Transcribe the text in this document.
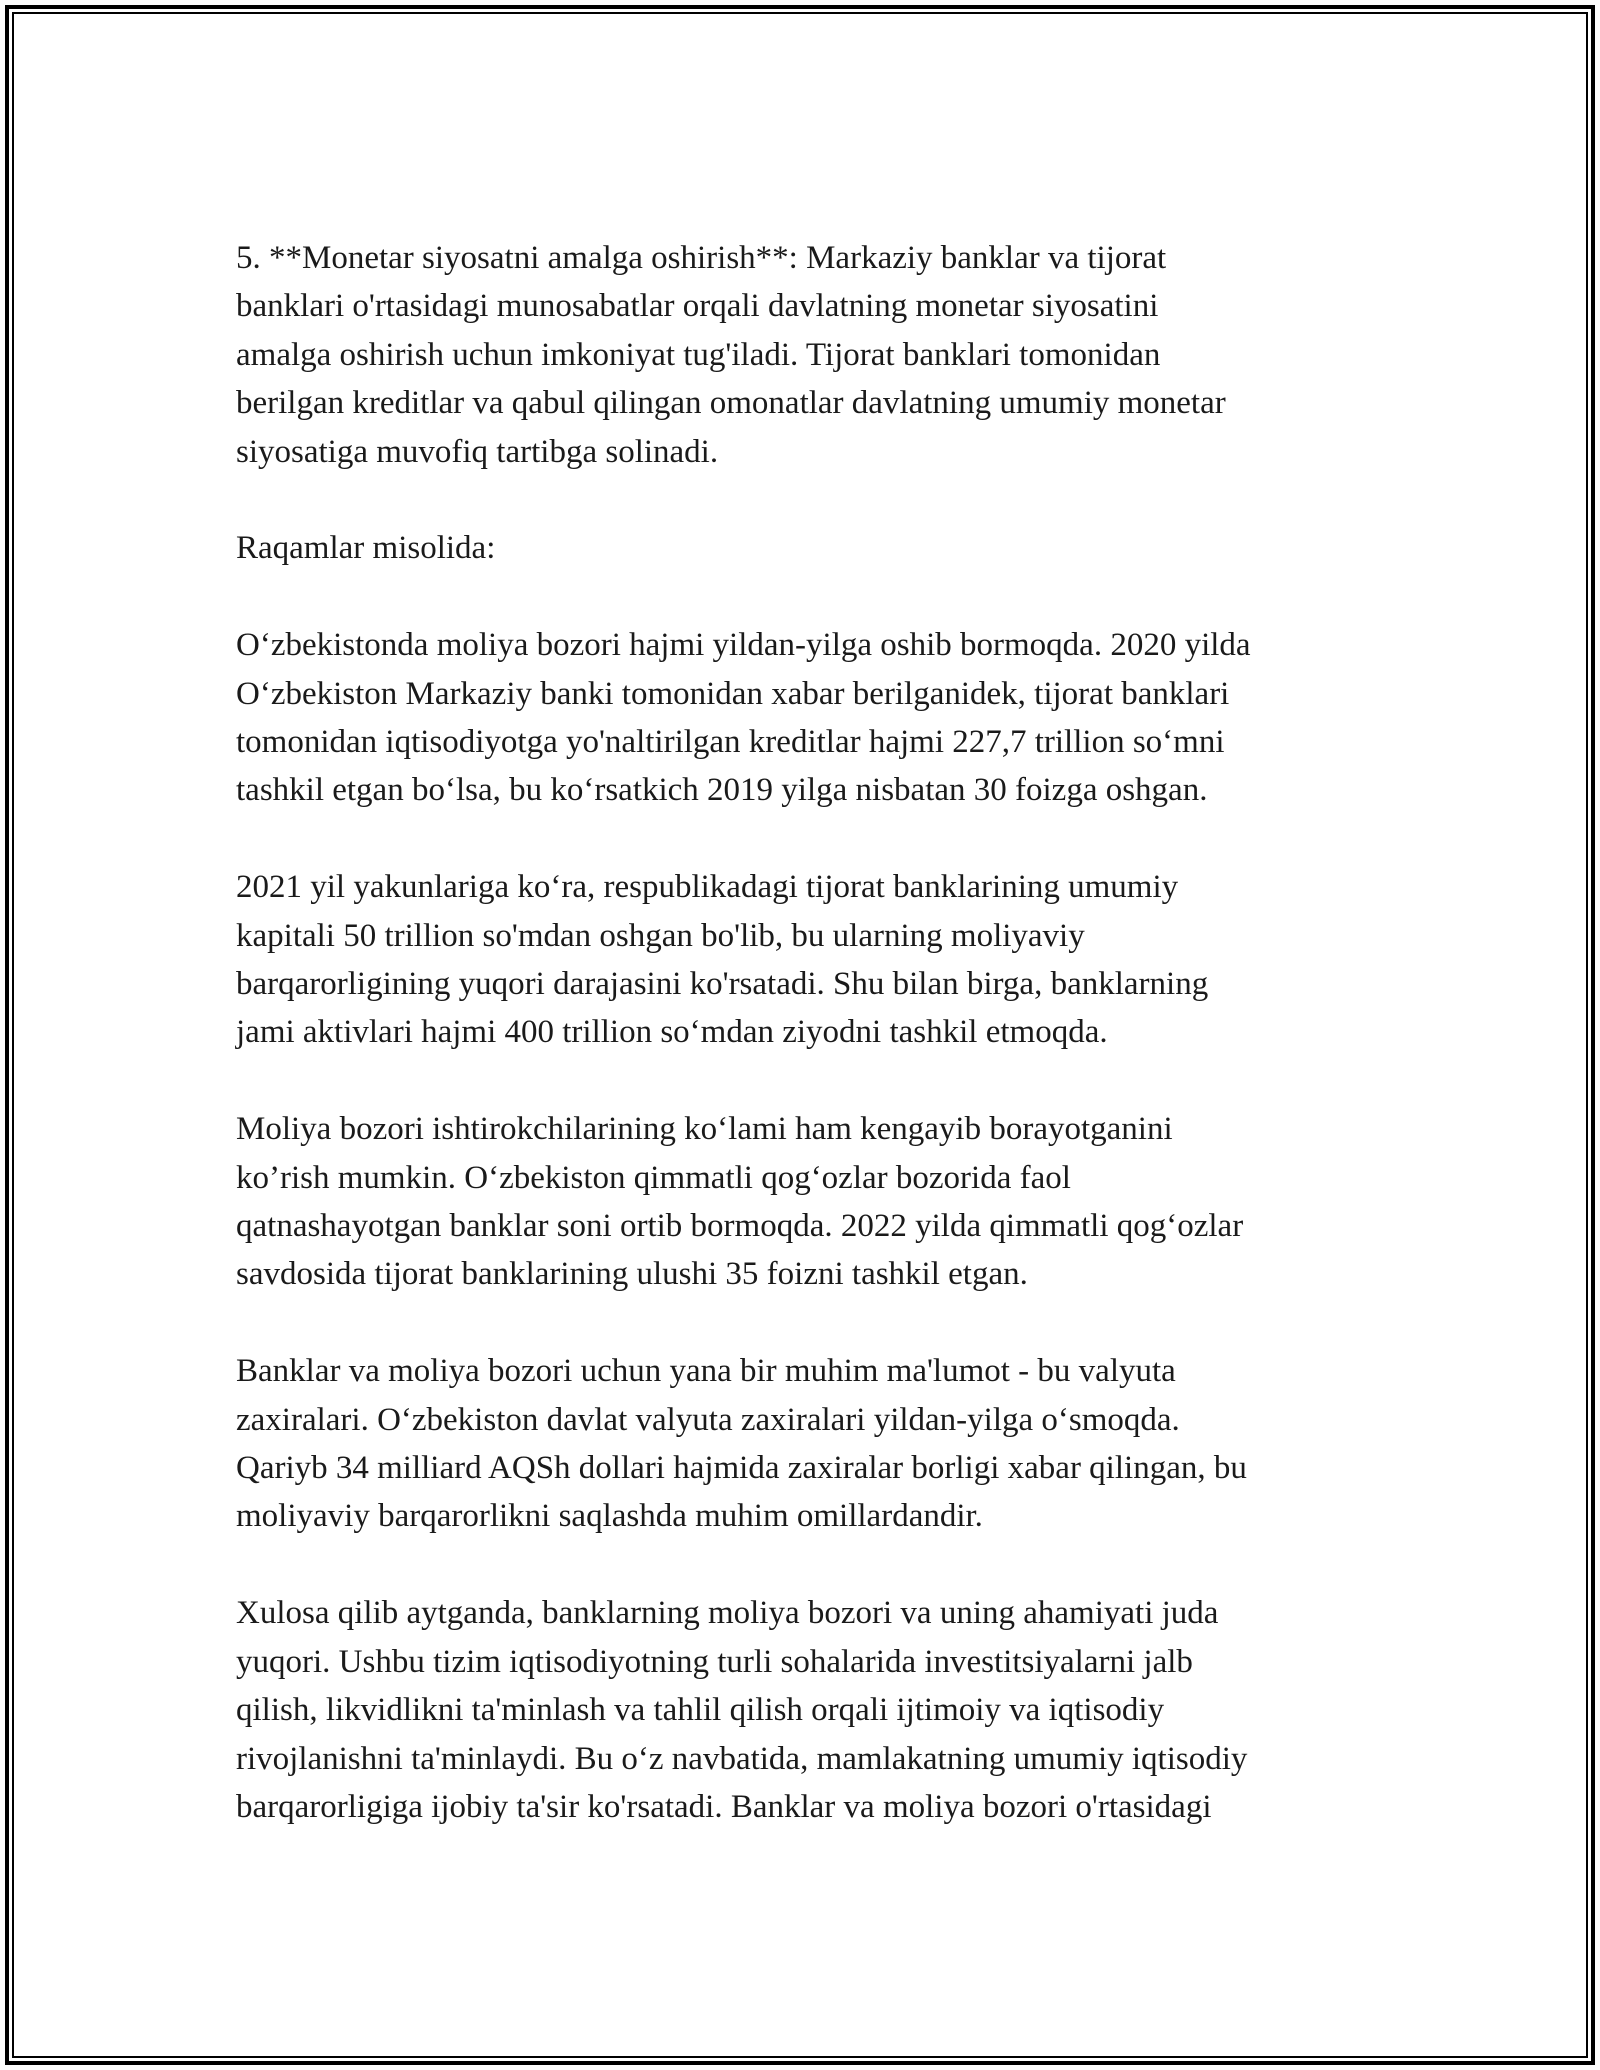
5. **Monetar siyosatni amalga oshirish**: Markaziy banklar va tijorat
banklari o'rtasidagi munosabatlar orqali davlatning monetar siyosatini
amalga oshirish uchun imkoniyat tug'iladi. Tijorat banklari tomonidan
berilgan kreditlar va qabul qilingan omonatlar davlatning umumiy monetar
siyosatiga muvofiq tartibga solinadi.

Raqamlar misolida:

O‘zbekistonda moliya bozori hajmi yildan-yilga oshib bormoqda. 2020 yilda
O‘zbekiston Markaziy banki tomonidan xabar berilganidek, tijorat banklari
tomonidan iqtisodiyotga yo'naltirilgan kreditlar hajmi 227,7 trillion so‘mni
tashkil etgan bo‘lsa, bu ko‘rsatkich 2019 yilga nisbatan 30 foizga oshgan.

2021 yil yakunlariga ko‘ra, respublikadagi tijorat banklarining umumiy
kapitali 50 trillion so'mdan oshgan bo'lib, bu ularning moliyaviy
barqarorligining yuqori darajasini ko'rsatadi. Shu bilan birga, banklarning
jami aktivlari hajmi 400 trillion so‘mdan ziyodni tashkil etmoqda.

Moliya bozori ishtirokchilarining ko‘lami ham kengayib borayotganini
ko’rish mumkin. O‘zbekiston qimmatli qog‘ozlar bozorida faol
qatnashayotgan banklar soni ortib bormoqda. 2022 yilda qimmatli qog‘ozlar
savdosida tijorat banklarining ulushi 35 foizni tashkil etgan.

Banklar va moliya bozori uchun yana bir muhim ma'lumot - bu valyuta
zaxiralari. O‘zbekiston davlat valyuta zaxiralari yildan-yilga o‘smoqda.
Qariyb 34 milliard AQSh dollari hajmida zaxiralar borligi xabar qilingan, bu
moliyaviy barqarorlikni saqlashda muhim omillardandir.

Xulosa qilib aytganda, banklarning moliya bozori va uning ahamiyati juda
yuqori. Ushbu tizim iqtisodiyotning turli sohalarida investitsiyalarni jalb
qilish, likvidlikni ta'minlash va tahlil qilish orqali ijtimoiy va iqtisodiy
rivojlanishni ta'minlaydi. Bu o‘z navbatida, mamlakatning umumiy iqtisodiy
barqarorligiga ijobiy ta'sir ko'rsatadi. Banklar va moliya bozori o'rtasidagi
